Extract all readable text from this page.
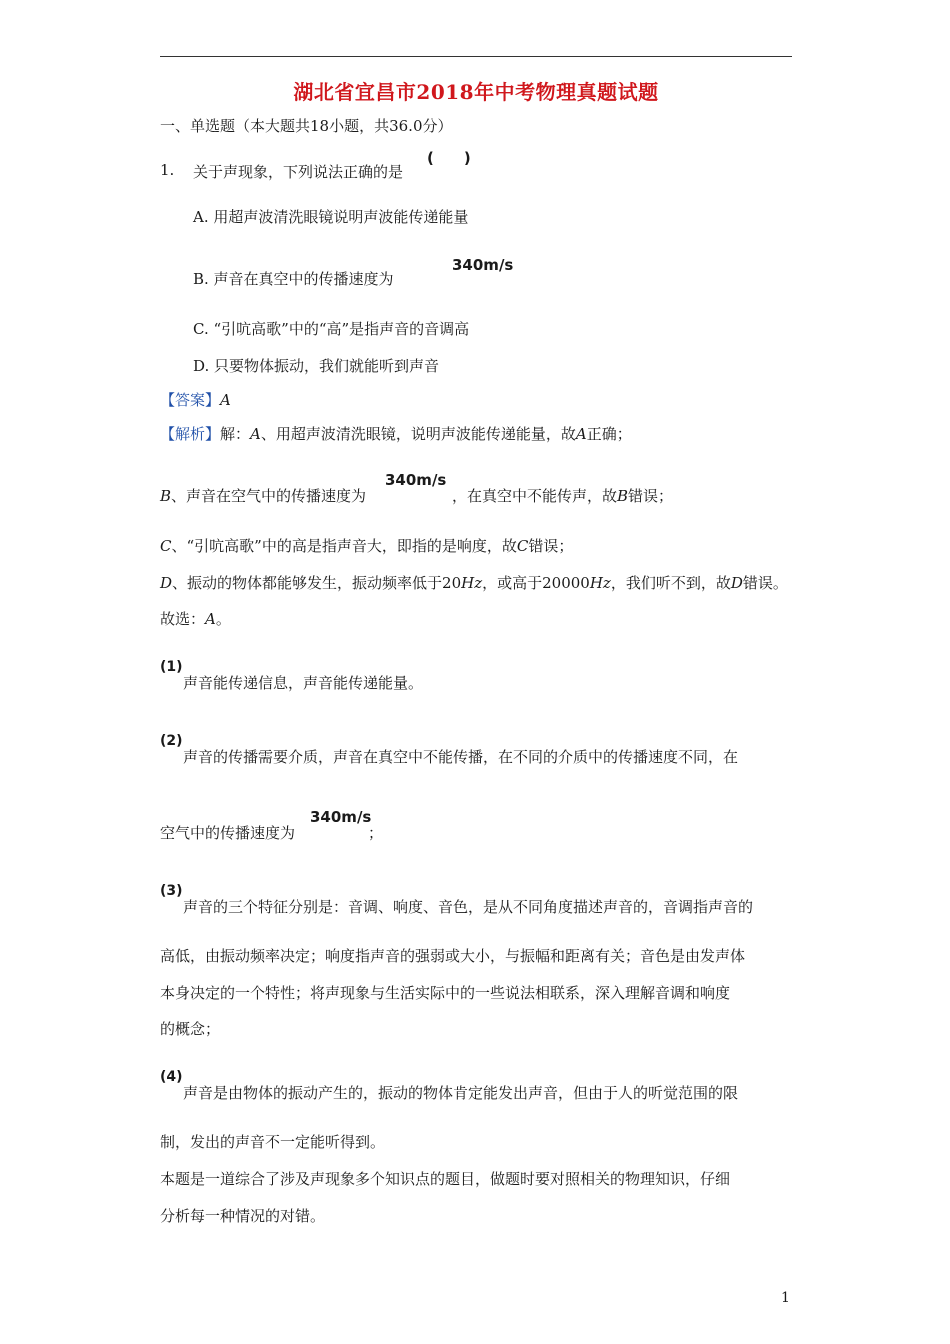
湖北省宜昌市2018年中考物理真题试题
一、单选题（本大题共18小题，共36.0分）
1. 关于声现象，下列说法正确的是
(　　)
A. 用超声波清洗眼镜说明声波能传递能量
B. 声音在真空中的传播速度为
340m/s
C. “引吭高歌”中的“高”是指声音的音调高
D. 只要物体振动，我们就能听到声音
【答案】A
【解析】解：A、用超声波清洗眼镜，说明声波能传递能量，故A正确；
B、声音在空气中的传播速度为
340m/s
，在真空中不能传声，故B错误；
C、“引吭高歌”中的高是指声音大，即指的是响度，故C错误；
D、振动的物体都能够发生，振动频率低于20Hz，或高于20000Hz，我们听不到，故D错误。
故选：A。
(1)
声音能传递信息，声音能传递能量。
(2)
声音的传播需要介质，声音在真空中不能传播，在不同的介质中的传播速度不同，在
空气中的传播速度为
340m/s
；
(3)
声音的三个特征分别是：音调、响度、音色，是从不同角度描述声音的，音调指声音的
高低，由振动频率决定；响度指声音的强弱或大小，与振幅和距离有关；音色是由发声体
本身决定的一个特性；将声现象与生活实际中的一些说法相联系，深入理解音调和响度
的概念；
(4)
声音是由物体的振动产生的，振动的物体肯定能发出声音，但由于人的听觉范围的限
制，发出的声音不一定能听得到。
本题是一道综合了涉及声现象多个知识点的题目，做题时要对照相关的物理知识，仔细
分析每一种情况的对错。
1
